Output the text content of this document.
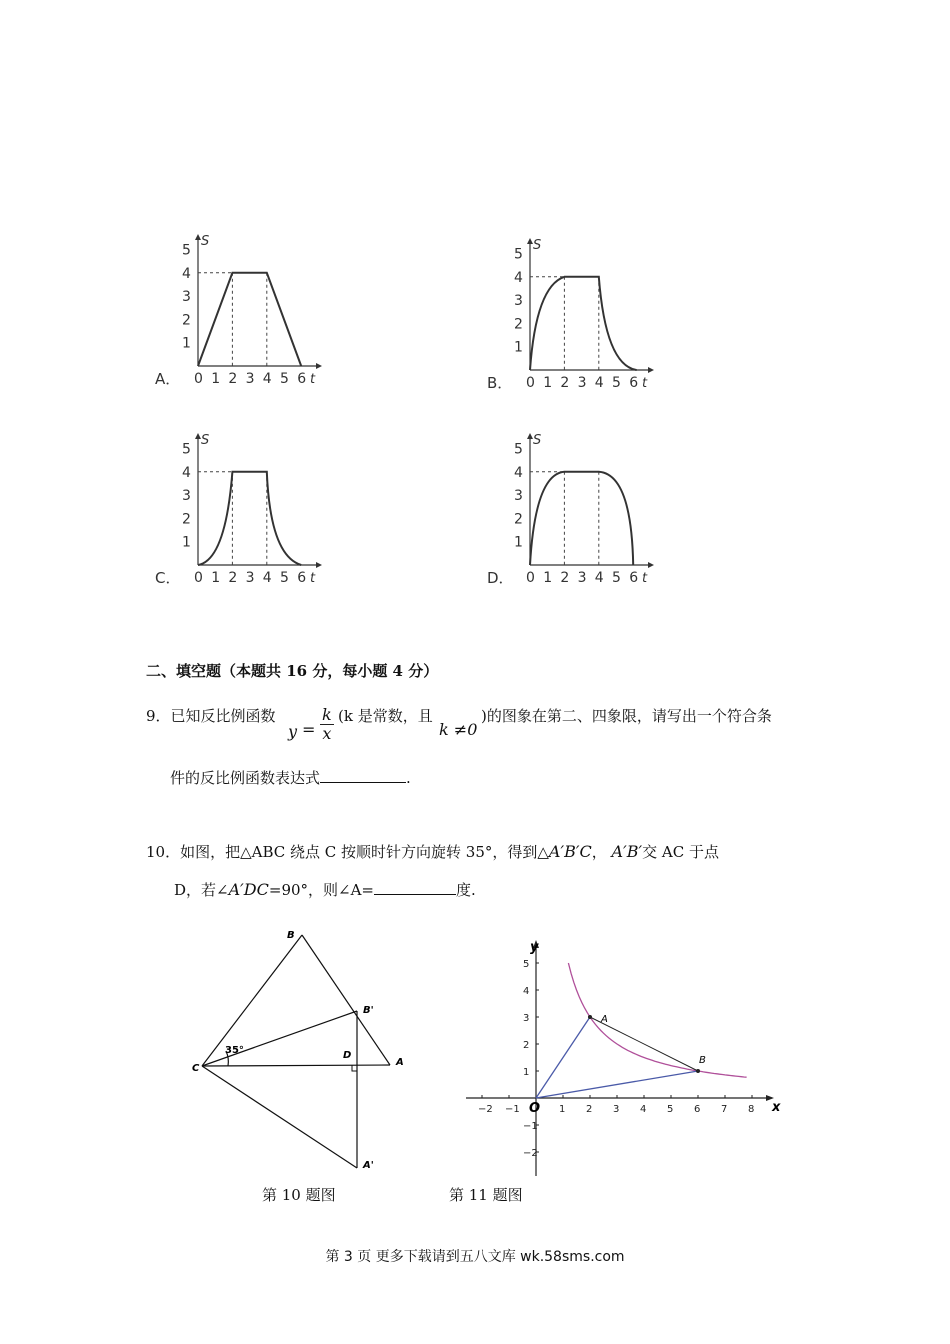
A．	B．
C．	D．
1
2
3
4
5
0 1 2 3 4 5 6
S
t
1
2
3
4
5
0 1 2 3 4 5 6
S
t
1
2
3
4
5
0 1 2 3 4 5 6
S
t
1
2
3
4
5
0 1 2 3 4 5 6
S
t
二、填空题（本题共 16 分，每小题 4 分）
9．已知反比例函数
$y = \frac{k}{x} (k$ 是常数，且
k ≠0
)的图象在第二、四象限，请写出一个符合条
件的反比例函数表达式	.
10．如图，把△ABC 绕点 C 按顺时针方向旋转 35°，得到△A′B′C， A′B′交 AC 于点
D，若∠A′DC=90°，则∠A=	度.
B
B'
C
D
A
A'
35°
第 10 题图
−2 −1	1 2 3 4 5 6 7 8
5
4
3
2
1
−1
−2
y
x
O
A
B
第 11 题图
第 3 页 更多下载请到五八文库 wk.58sms.com
